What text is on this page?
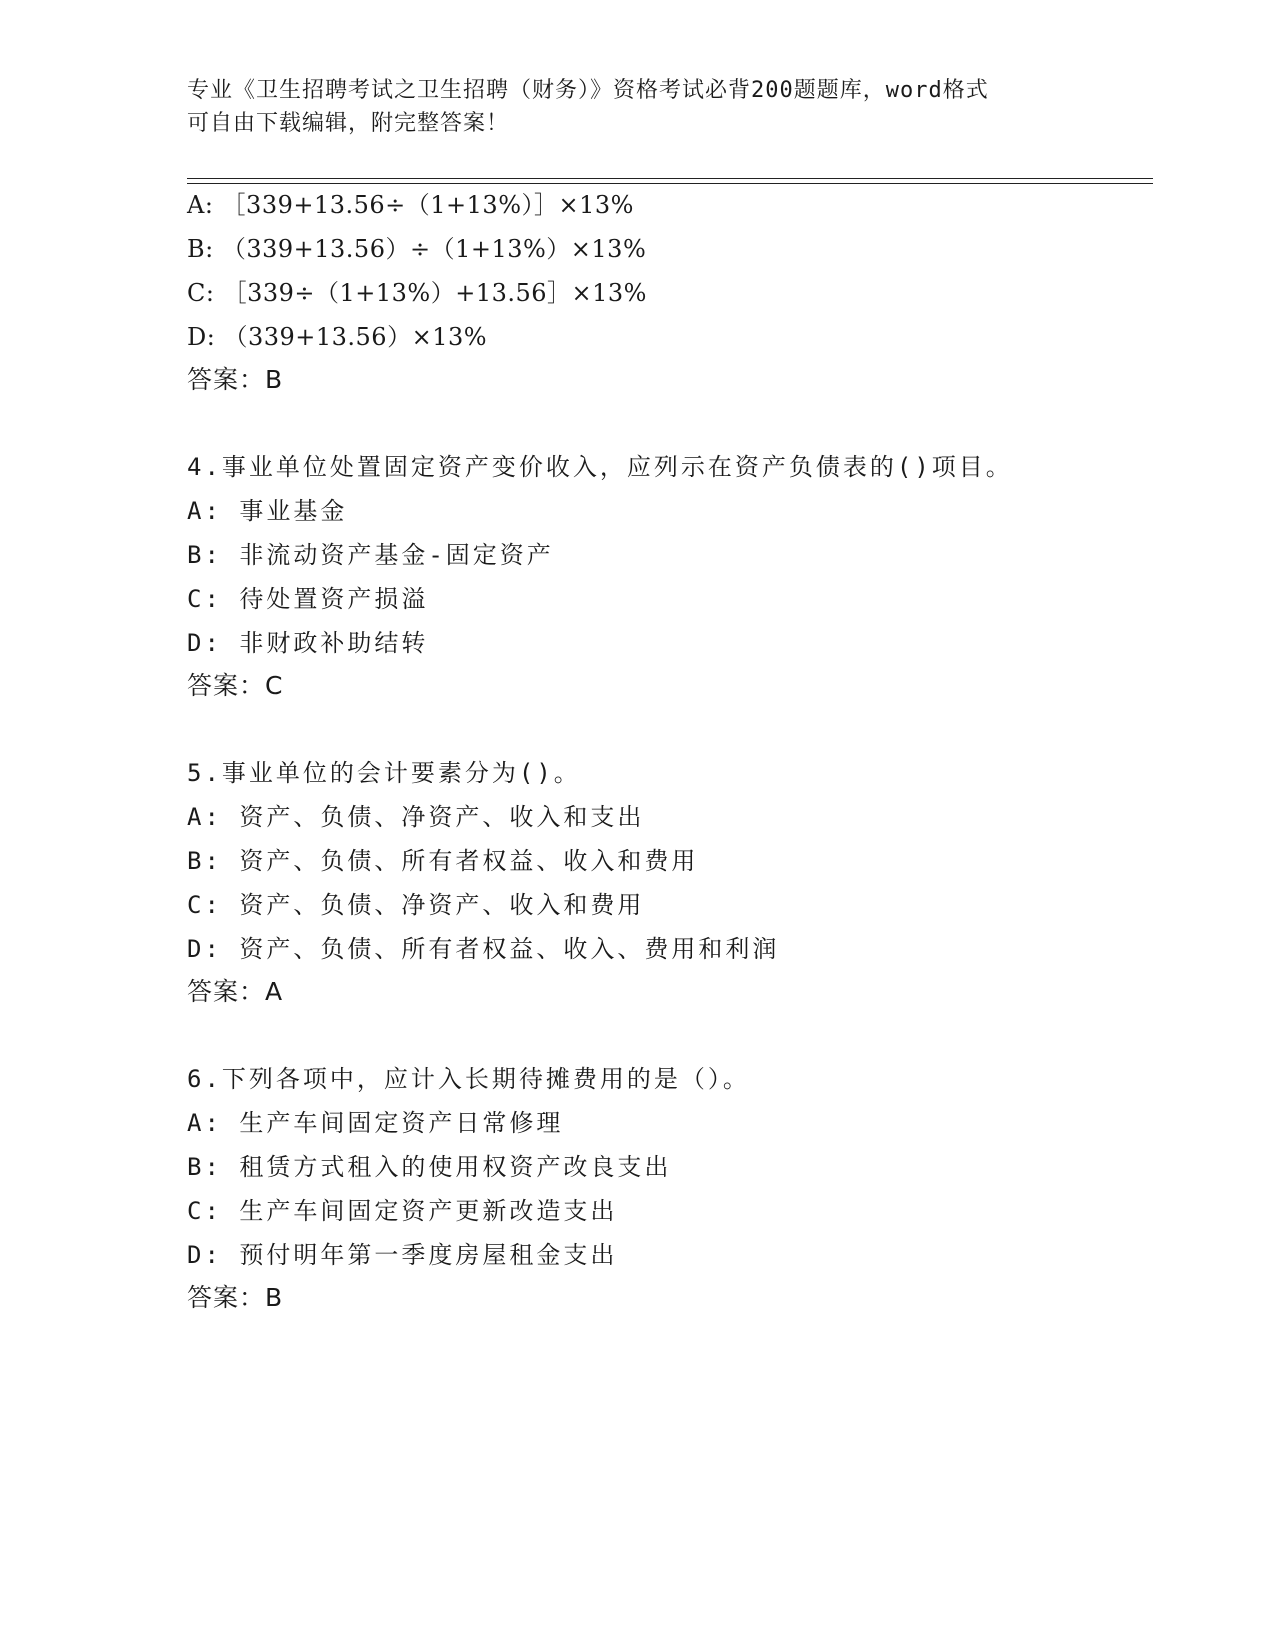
专业《卫生招聘考试之卫生招聘（财务）》资格考试必背200题题库，word格式
可自由下载编辑，附完整答案！
A: ［339+13.56÷（1+13%）］×13%
B: （339+13.56）÷（1+13%）×13%
C: ［339÷（1+13%）+13.56］×13%
D: （339+13.56）×13%
答案：B
4.事业单位处置固定资产变价收入，应列示在资产负债表的()项目。
A: 事业基金
B: 非流动资产基金-固定资产
C: 待处置资产损溢
D: 非财政补助结转
答案：C
5.事业单位的会计要素分为()。
A: 资产、负债、净资产、收入和支出
B: 资产、负债、所有者权益、收入和费用
C: 资产、负债、净资产、收入和费用
D: 资产、负债、所有者权益、收入、费用和利润
答案：A
6.下列各项中，应计入长期待摊费用的是（）。
A: 生产车间固定资产日常修理
B: 租赁方式租入的使用权资产改良支出
C: 生产车间固定资产更新改造支出
D: 预付明年第一季度房屋租金支出
答案：B
